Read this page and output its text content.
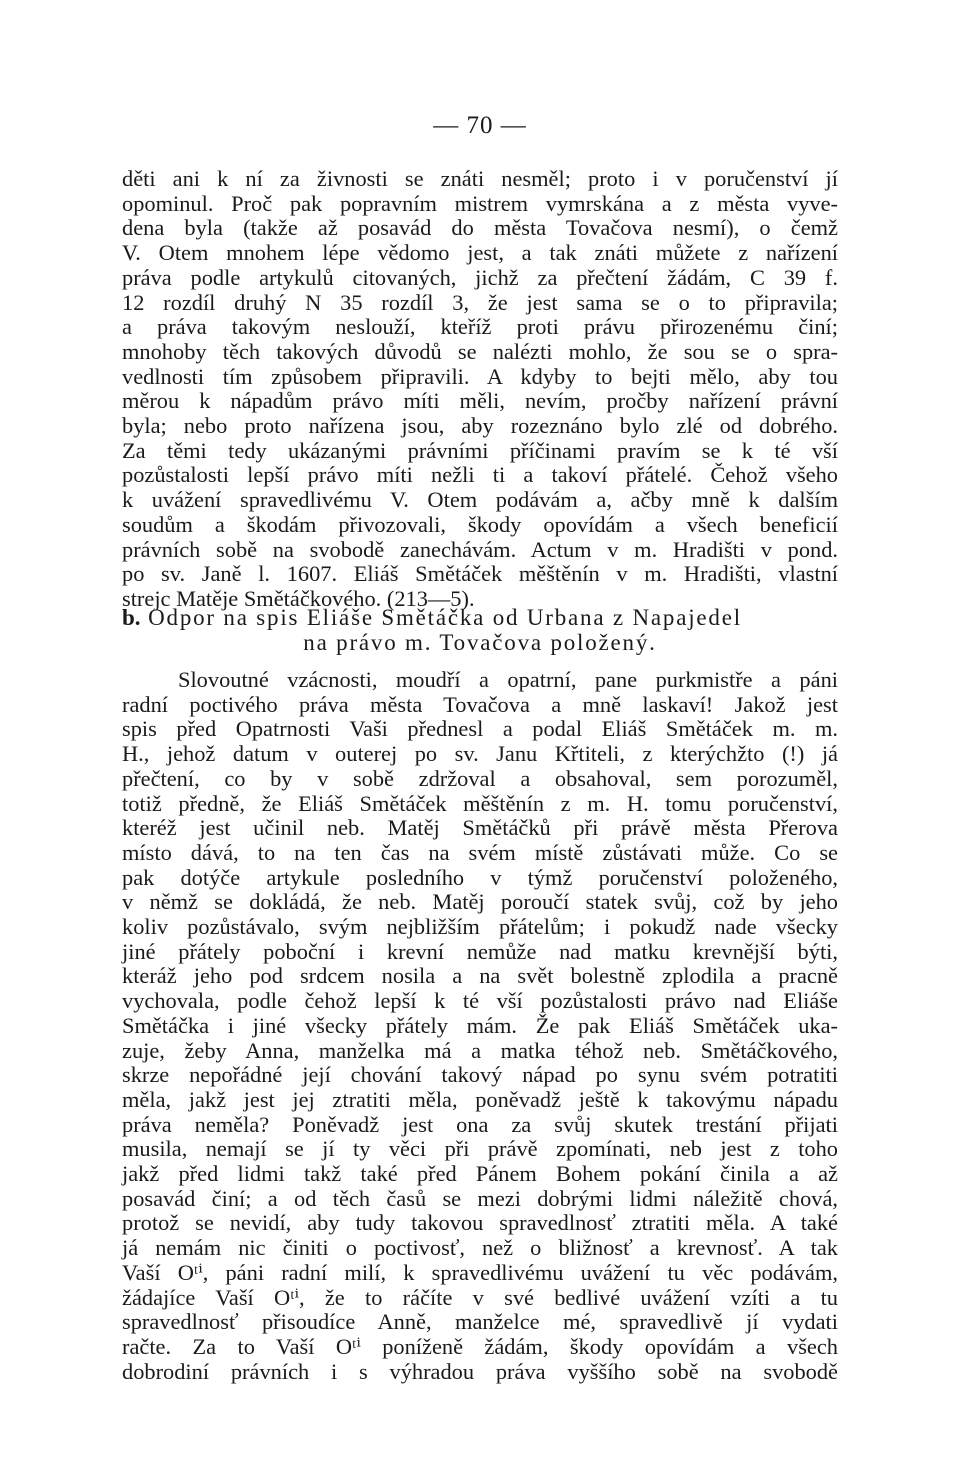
— 70 —

děti ani k ní za živnosti se znáti nesměl; proto i v poručenství jí
opominul. Proč pak popravním mistrem vymrskána a z města vyve-
dena byla (takže až posavád do města Tovačova nesmí), o čemž
V. Otem mnohem lépe vědomo jest, a tak znáti můžete z nařízení
práva podle artykulů citovaných, jichž za přečtení žádám, C 39 f.
12 rozdíl druhý N 35 rozdíl 3, že jest sama se o to připravila;
a práva takovým neslouží, kteříž proti právu přirozenému činí;
mnohoby těch takových důvodů se nalézti mohlo, že sou se o spra-
vedlnosti tím způsobem připravili. A kdyby to bejti mělo, aby tou
měrou k nápadům právo míti měli, nevím, pročby nařízení právní
byla; nebo proto nařízena jsou, aby rozeznáno bylo zlé od dobrého.
Za těmi tedy ukázanými právními příčinami pravím se k té vší
pozůstalosti lepší právo míti nežli ti a takoví přátelé. Čehož všeho
k uvážení spravedlivému V. Otem podávám a, ačby mně k dalším
soudům a škodám přivozovali, škody opovídám a všech beneficií
právních sobě na svobodě zanechávám. Actum v m. Hradišti v pond.
po sv. Janě l. 1607. Eliáš Smětáček měštěnín v m. Hradišti, vlastní
strejc Matěje Smětáčkového. (213—5).
b. Odpor na spis Eliáše Smětáčka od Urbana z Napajedel
na právo m. Tovačova položený.
Slovoutné vzácnosti, moudří a opatrní, pane purkmistře a páni
radní poctivého práva města Tovačova a mně laskaví! Jakož jest
spis před Opatrnosti Vaši přednesl a podal Eliáš Smětáček m. m.
H., jehož datum v outerej po sv. Janu Křtiteli, z kterýchžto (!) já
přečtení, co by v sobě zdržoval a obsahoval, sem porozuměl,
totiž předně, že Eliáš Smětáček měštěnín z m. H. tomu poručenství,
kteréž jest učinil neb. Matěj Smětáčků při právě města Přerova
místo dává, to na ten čas na svém místě zůstávati může. Co se
pak dotýče artykule posledního v týmž poručenství položeného,
v němž se dokládá, že neb. Matěj poroučí statek svůj, což by jeho
koliv pozůstávalo, svým nejbližším přátelům; i pokudž nade všecky
jiné přátely poboční i krevní nemůže nad matku krevnější býti,
kteráž jeho pod srdcem nosila a na svět bolestně zplodila a pracně
vychovala, podle čehož lepší k té vší pozůstalosti právo nad Eliáše
Smětáčka i jiné všecky přátely mám. Že pak Eliáš Smětáček uka-
zuje, žeby Anna, manželka má a matka téhož neb. Smětáčkového,
skrze nepořádné její chování takový nápad po synu svém potratiti
měla, jakž jest jej ztratiti měla, poněvadž ještě k takovýmu nápadu
práva neměla? Poněvadž jest ona za svůj skutek trestání přijati
musila, nemají se jí ty věci při právě zpomínati, neb jest z toho
jakž před lidmi takž také před Pánem Bohem pokání činila a až
posavád činí; a od těch časů se mezi dobrými lidmi náležitě chová,
protož se nevidí, aby tudy takovou spravedlnosť ztratiti měla. A také
já nemám nic činiti o poctivosť, než o bližnosť a krevnosť. A tak
Vaší Oᵗⁱ, páni radní milí, k spravedlivému uvážení tu věc podávám,
žádajíce Vaší Oᵗⁱ, že to ráčíte v své bedlivé uvážení vzíti a tu
spravedlnosť přisoudíce Anně, manželce mé, spravedlivě jí vydati
račte. Za to Vaší Oᵗⁱ poníženě žádám, škody opovídám a všech
dobrodiní právních i s výhradou práva vyššího sobě na svobodě
